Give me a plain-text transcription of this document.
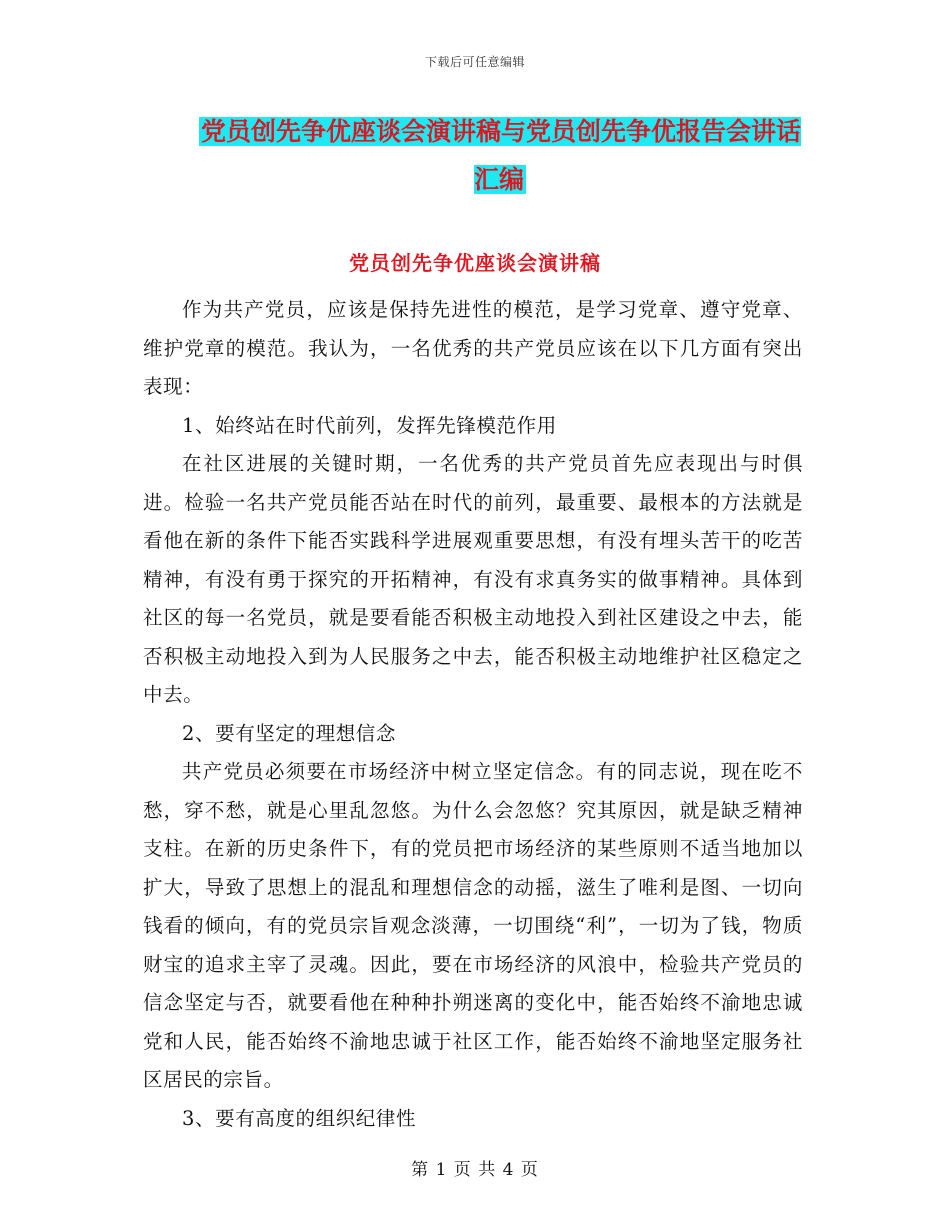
下载后可任意编辑
党员创先争优座谈会演讲稿与党员创先争优报告会讲话汇编
党员创先争优座谈会演讲稿

作为共产党员，应该是保持先进性的模范，是学习党章、遵守党章、维护党章的模范。我认为，一名优秀的共产党员应该在以下几方面有突出表现：

1、始终站在时代前列，发挥先锋模范作用

在社区进展的关键时期，一名优秀的共产党员首先应表现出与时俱进。检验一名共产党员能否站在时代的前列，最重要、最根本的方法就是看他在新的条件下能否实践科学进展观重要思想，有没有埋头苦干的吃苦精神，有没有勇于探究的开拓精神，有没有求真务实的做事精神。具体到社区的每一名党员，就是要看能否积极主动地投入到社区建设之中去，能否积极主动地投入到为人民服务之中去，能否积极主动地维护社区稳定之中去。

2、要有坚定的理想信念

共产党员必须要在市场经济中树立坚定信念。有的同志说，现在吃不愁，穿不愁，就是心里乱忽悠。为什么会忽悠？究其原因，就是缺乏精神支柱。在新的历史条件下，有的党员把市场经济的某些原则不适当地加以扩大，导致了思想上的混乱和理想信念的动摇，滋生了唯利是图、一切向钱看的倾向，有的党员宗旨观念淡薄，一切围绕“利”，一切为了钱，物质财宝的追求主宰了灵魂。因此，要在市场经济的风浪中，检验共产党员的信念坚定与否，就要看他在种种扑朔迷离的变化中，能否始终不渝地忠诚党和人民，能否始终不渝地忠诚于社区工作，能否始终不渝地坚定服务社区居民的宗旨。

3、要有高度的组织纪律性

第 1 页 共 4 页
